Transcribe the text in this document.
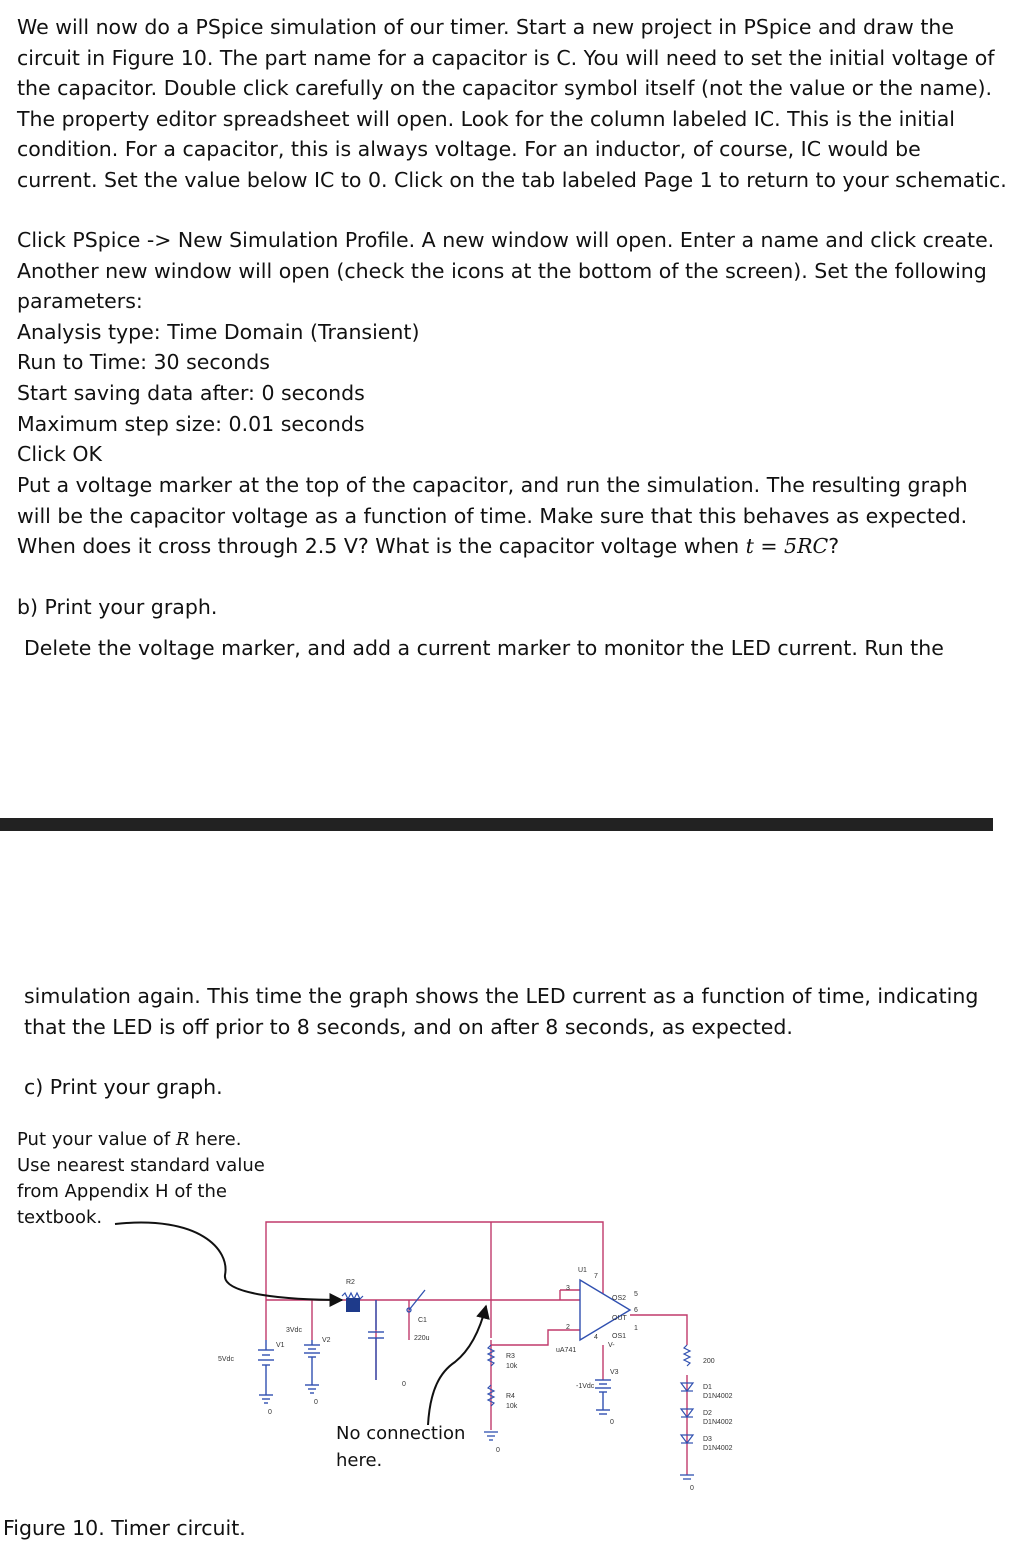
We will now do a PSpice simulation of our timer. Start a new project in PSpice and draw the
circuit in Figure 10. The part name for a capacitor is C. You will need to set the initial voltage of
the capacitor. Double click carefully on the capacitor symbol itself (not the value or the name).
The property editor spreadsheet will open. Look for the column labeled IC. This is the initial
condition. For a capacitor, this is always voltage. For an inductor, of course, IC would be
current. Set the value below IC to 0. Click on the tab labeled Page 1 to return to your schematic.
Click PSpice -> New Simulation Profile. A new window will open. Enter a name and click create.
Another new window will open (check the icons at the bottom of the screen). Set the following
parameters:
Analysis type: Time Domain (Transient)
Run to Time: 30 seconds
Start saving data after: 0 seconds
Maximum step size: 0.01 seconds
Click OK
Put a voltage marker at the top of the capacitor, and run the simulation. The resulting graph
will be the capacitor voltage as a function of time. Make sure that this behaves as expected.
When does it cross through 2.5 V? What is the capacitor voltage when t = 5RC?
b) Print your graph.
Delete the voltage marker, and add a current marker to monitor the LED current. Run the
simulation again. This time the graph shows the LED current as a function of time, indicating
that the LED is off prior to 8 seconds, and on after 8 seconds, as expected.
c) Print your graph.
Put your value of R here.
Use nearest standard value
from Appendix H of the
textbook.
V1
5Vdc
0
3Vdc
V2
0
R2
C1
220u
0
R3
10k
R4
10k
0
U1
uA741
3
2
7
4
OS2
OUT
OS1
5
6
1
V-
V3
-1Vdc
0
200
D1
D1N4002
D2
D1N4002
D3
D1N4002
0
No connection
here.
Figure 10. Timer circuit.
